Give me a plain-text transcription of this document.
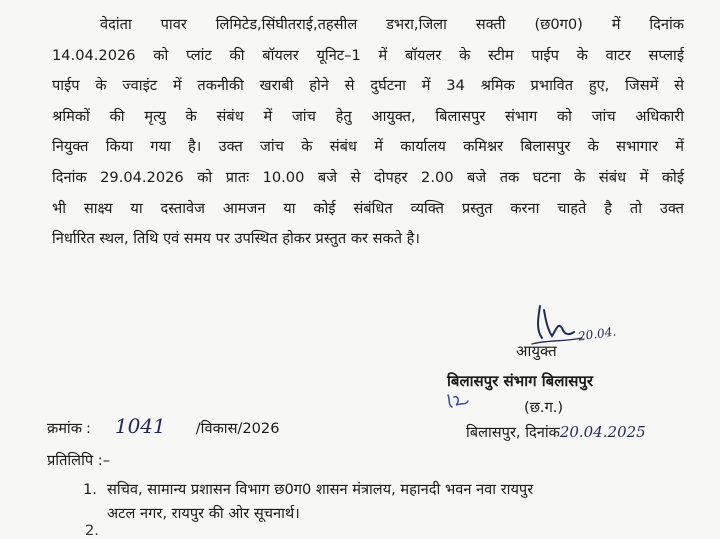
वेदांता पावर लिमिटेड,सिंघीतराई,तहसील डभरा,जिला सक्ती (छ0ग0) में दिनांक
14.04.2026 को प्लांट की बॉयलर यूनिट–1 में बॉयलर के स्टीम पाईप के वाटर सप्लाई
पाईप के ज्वाइंट में तकनीकी खराबी होने से दुर्घटना में 34 श्रमिक प्रभावित हुए, जिसमें से
श्रमिकों की मृत्यु के संबंध में जांच हेतु आयुक्त, बिलासपुर संभाग को जांच अधिकारी
नियुक्त किया गया है। उक्त जांच के संबंध में कार्यालय कमिश्नर बिलासपुर के सभागार में
दिनांक 29.04.2026 को प्रातः 10.00 बजे से दोपहर 2.00 बजे तक घटना के संबंध में कोई
भी साक्ष्य या दस्तावेज आमजन या कोई संबंधित व्यक्ति प्रस्तुत करना चाहते है तो उक्त
निर्धारित स्थल, तिथि एवं समय पर उपस्थित होकर प्रस्तुत कर सकते है।
20.04.
आयुक्त
बिलासपुर संभाग बिलासपुर
(छ.ग.)
बिलासपुर, दिनांक20.04.2025
क्रमांक : 1041 /विकास/2026
प्रतिलिपि :–
1. सचिव, सामान्य प्रशासन विभाग छ0ग0 शासन मंत्रालय, महानदी भवन नवा रायपुर
अटल नगर, रायपुर की ओर सूचनार्थ।
2.
